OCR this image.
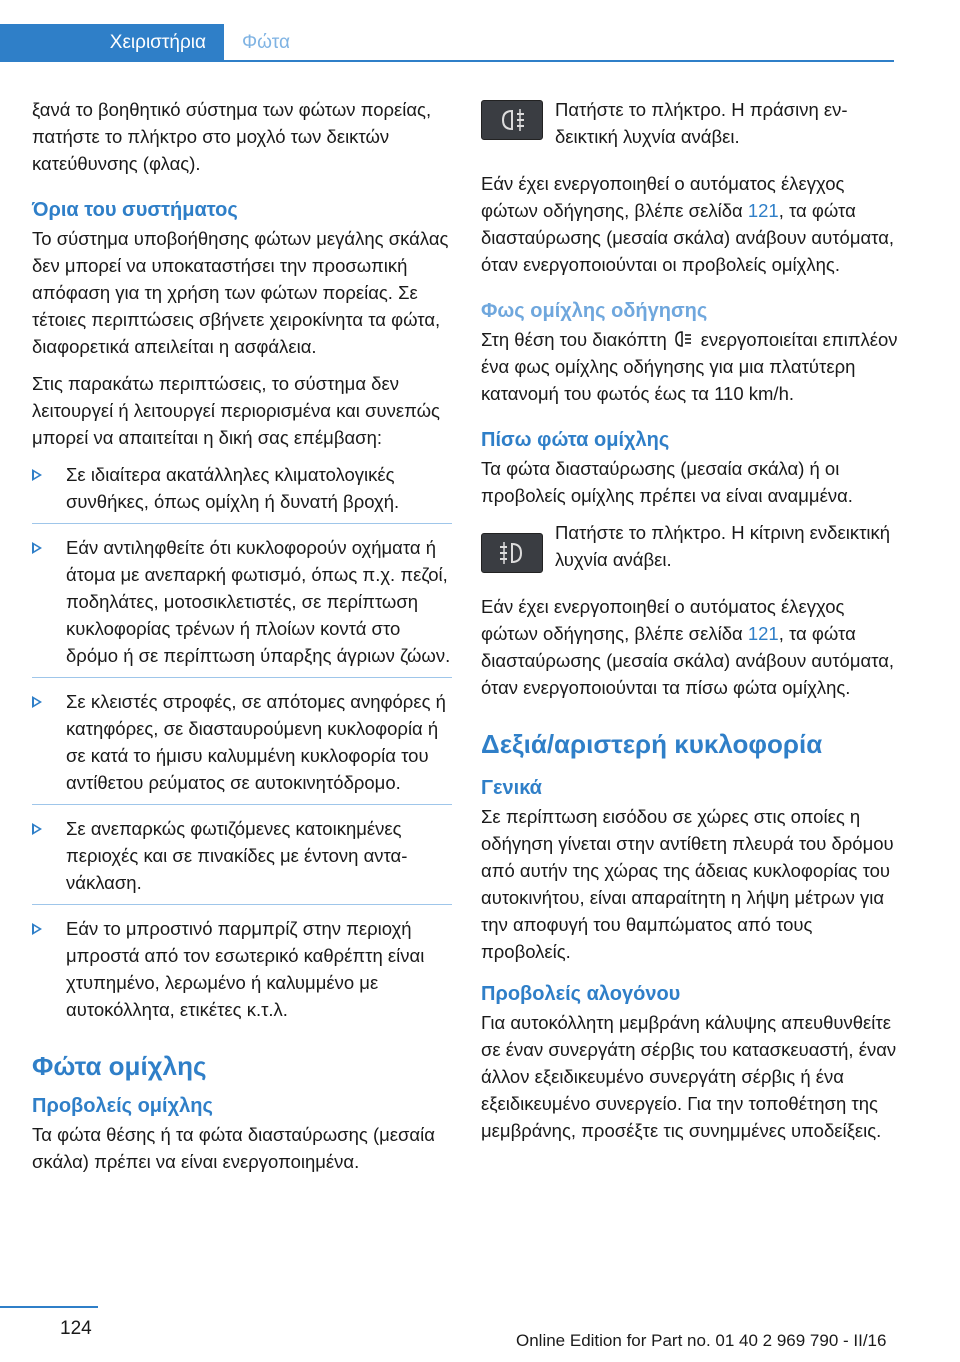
Χειριστήρια	Φώτα

ξανά το βοηθητικό σύστημα των φώτων πορείας, πατήστε το πλήκτρο στο μοχλό των δεικτών κατεύθυνσης (φλας).

Όρια του συστήματος

Το σύστημα υποβοήθησης φώτων μεγάλης σκάλας δεν μπορεί να υποκαταστήσει την προσωπική απόφαση για τη χρήση των φώτων πορείας. Σε τέτοιες περιπτώσεις σβήνετε χειροκίνητα τα φώτα, διαφορετικά απειλείται η ασφάλεια.

Στις παρακάτω περιπτώσεις, το σύστημα δεν λειτουργεί ή λειτουργεί περιορισμένα και συνεπώς μπορεί να απαιτείται η δική σας επέμβαση:

Σε ιδιαίτερα ακατάλληλες κλιματολογικές συνθήκες, όπως ομίχλη ή δυνατή βροχή.
Εάν αντιληφθείτε ότι κυκλοφορούν οχήματα ή άτομα με ανεπαρκή φωτισμό, όπως π.χ. πεζοί, ποδηλάτες, μοτοσικλετιστές, σε περίπτωση κυκλοφορίας τρένων ή πλοίων κοντά στο δρόμο ή σε περίπτωση ύπαρξης άγριων ζώων.
Σε κλειστές στροφές, σε απότομες ανηφόρες ή κατηφόρες, σε διασταυρούμενη κυκλοφορία ή σε κατά το ήμισυ καλυμμένη κυκλοφορία του αντίθετου ρεύματος σε αυτοκινητόδρομο.
Σε ανεπαρκώς φωτιζόμενες κατοικημένες περιοχές και σε πινακίδες με έντονη αντανάκλαση.
Εάν το μπροστινό παρμπρίζ στην περιοχή μπροστά από τον εσωτερικό καθρέπτη είναι χτυπημένο, λερωμένο ή καλυμμένο με αυτοκόλλητα, ετικέτες κ.τ.λ.
Φώτα ομίχλης
Προβολείς ομίχλης

Τα φώτα θέσης ή τα φώτα διασταύρωσης (μεσαία σκάλα) πρέπει να είναι ενεργοποιημένα.

Πατήστε το πλήκτρο. Η πράσινη ενδεικτική λυχνία ανάβει.

Εάν έχει ενεργοποιηθεί ο αυτόματος έλεγχος φώτων οδήγησης, βλέπε σελίδα 121, τα φώτα διασταύρωσης (μεσαία σκάλα) ανάβουν αυτόματα, όταν ενεργοποιούνται οι προβολείς ομίχλης.

Φως ομίχλης οδήγησης

Στη θέση του διακόπτη ενεργοποιείται επιπλέον ένα φως ομίχλης οδήγησης για μια πλατύτερη κατανομή του φωτός έως τα 110 km/h.

Πίσω φώτα ομίχλης

Τα φώτα διασταύρωσης (μεσαία σκάλα) ή οι προβολείς ομίχλης πρέπει να είναι αναμμένα.

Πατήστε το πλήκτρο. Η κίτρινη ενδεικτική λυχνία ανάβει.

Εάν έχει ενεργοποιηθεί ο αυτόματος έλεγχος φώτων οδήγησης, βλέπε σελίδα 121, τα φώτα διασταύρωσης (μεσαία σκάλα) ανάβουν αυτόματα, όταν ενεργοποιούνται τα πίσω φώτα ομίχλης.

Δεξιά/αριστερή κυκλοφορία
Γενικά

Σε περίπτωση εισόδου σε χώρες στις οποίες η οδήγηση γίνεται στην αντίθετη πλευρά του δρόμου από αυτήν της χώρας της άδειας κυκλοφορίας του αυτοκινήτου, είναι απαραίτητη η λήψη μέτρων για την αποφυγή του θαμπώματος από τους προβολείς.

Προβολείς αλογόνου

Για αυτοκόλλητη μεμβράνη κάλυψης απευθυνθείτε σε έναν συνεργάτη σέρβις του κατασκευαστή, έναν άλλον εξειδικευμένο συνεργάτη σέρβις ή ένα εξειδικευμένο συνεργείο. Για την τοποθέτηση της μεμβράνης, προσέξτε τις συνημμένες υποδείξεις.

124
Online Edition for Part no. 01 40 2 969 790 - II/16
